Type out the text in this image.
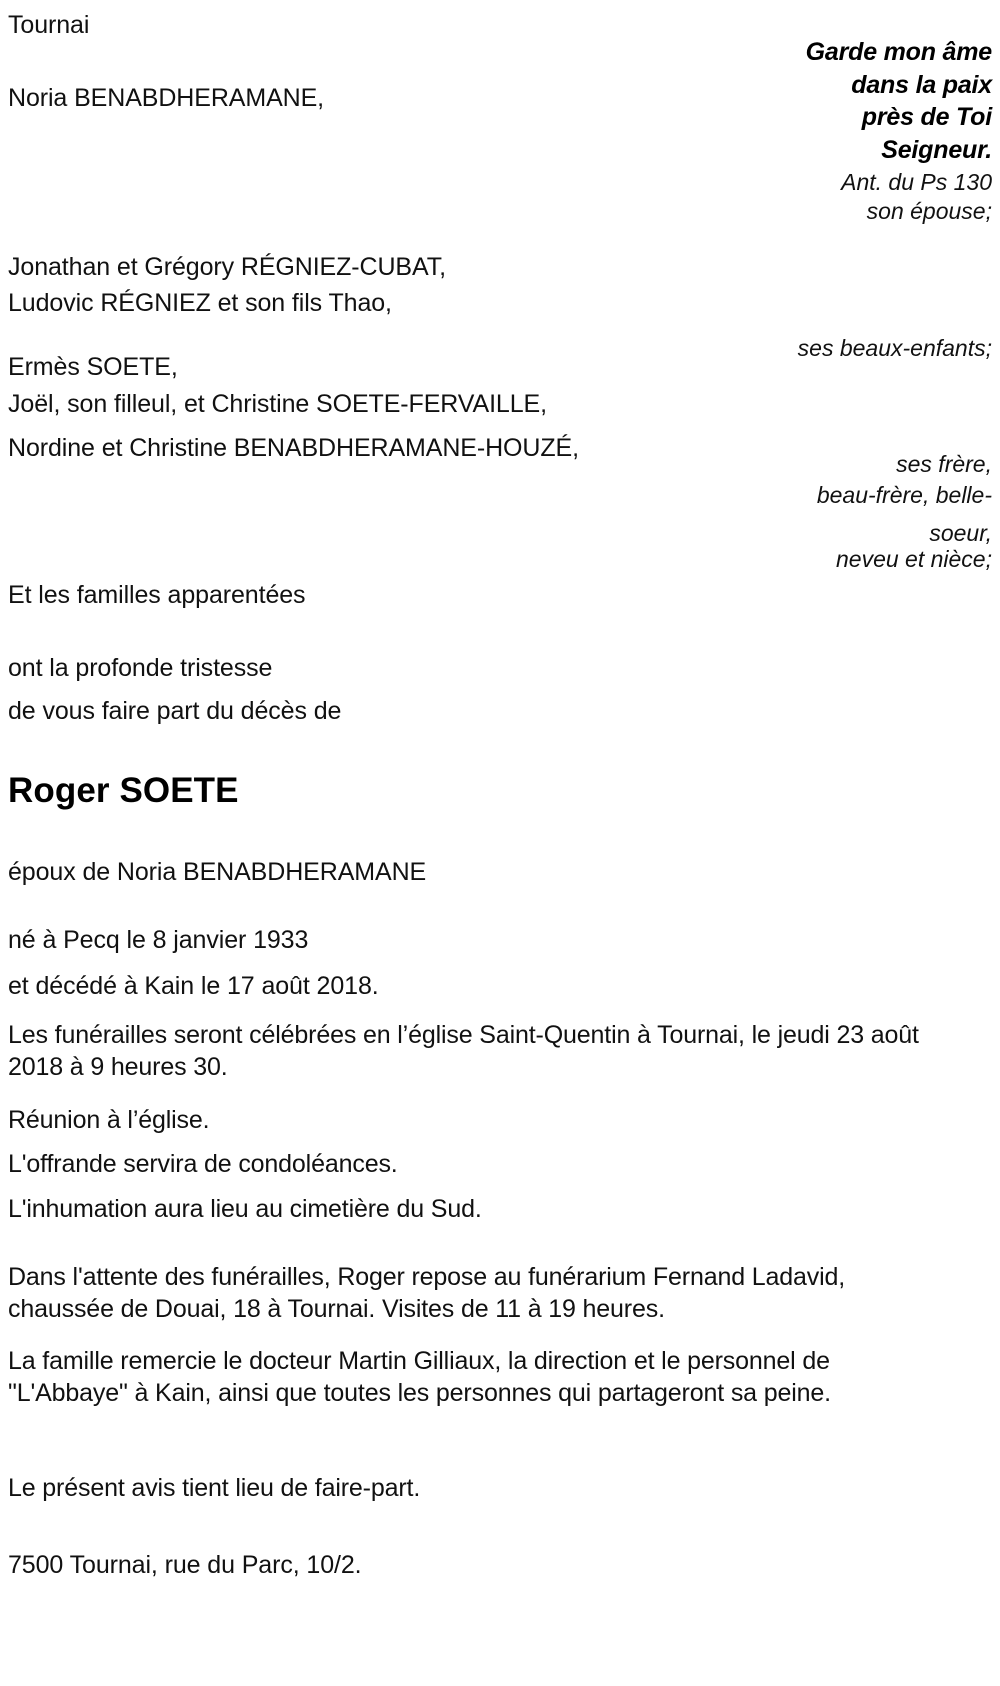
Tournai
Garde mon âme
dans la paix
près de Toi
Seigneur.
Ant. du Ps 130
son épouse;
Noria BENABDHERAMANE,
Jonathan et Grégory RÉGNIEZ-CUBAT,
Ludovic RÉGNIEZ et son fils Thao,
ses beaux-enfants;
Ermès SOETE,
Joël, son filleul, et Christine SOETE-FERVAILLE,
Nordine et Christine BENABDHERAMANE-HOUZÉ,
ses frère,
beau-frère, belle-
soeur,
neveu et nièce;
Et les familles apparentées
ont la profonde tristesse
de vous faire part du décès de
Roger SOETE
époux de Noria BENABDHERAMANE
né à Pecq le 8 janvier 1933
et décédé à Kain le 17 août 2018.
Les funérailles seront célébrées en l’église Saint-Quentin à Tournai, le jeudi 23 août 2018 à 9 heures 30.
Réunion à l’église.
L'offrande servira de condoléances.
L'inhumation aura lieu au cimetière du Sud.
Dans l'attente des funérailles, Roger repose au funérarium Fernand Ladavid, chaussée de Douai, 18 à Tournai. Visites de 11 à 19 heures.
La famille remercie le docteur Martin Gilliaux, la direction et le personnel de "L'Abbaye" à Kain, ainsi que toutes les personnes qui partageront sa peine.
Le présent avis tient lieu de faire-part.
7500 Tournai, rue du Parc, 10/2.
